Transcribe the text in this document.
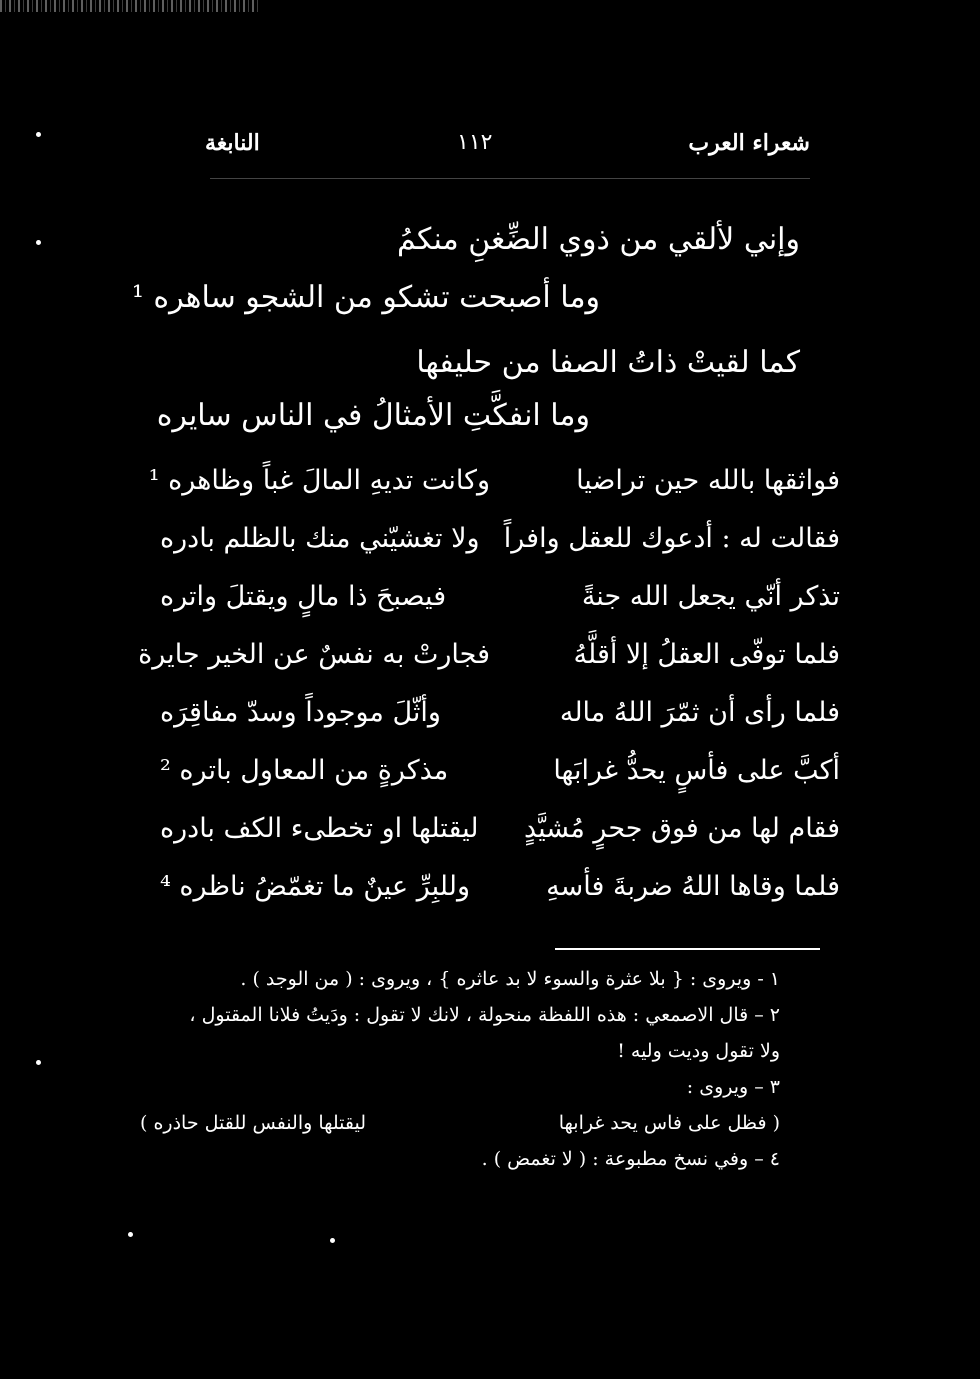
شعراء العرب
١١٢
النابغة
وإني لألقي من ذوي الضِّغنِ منكمُ
وما أصبحت تشكو من الشجو ساهره ¹
كما لقيتْ ذاتُ الصفا من حليفها
وما انفكَّتِ الأمثالُ في الناس سايره
فواثقها بالله حين تراضيا
وكانت تديهِ المالَ غباً وظاهره ¹
فقالت له : أدعوك للعقل وافراً
ولا تغشيّني منك بالظلم بادره
تذكر أنّي يجعل الله جنةً
فيصبحَ ذا مالٍ ويقتلَ واتره
فلما توفّى العقلُ إلا أقلَّهُ
فجارتْ به نفسٌ عن الخير جايرة
فلما رأى أن ثمّرَ اللهُ ماله
وأثّلَ موجوداً وسدّ مفاقِرَه
أكبَّ على فأسٍ يحدُّ غرابَها
مذكرةٍ من المعاول باتره ²
فقام لها من فوق جحرٍ مُشيَّدٍ
ليقتلها او تخطىء الكف بادره
فلما وقاها اللهُ ضربةَ فأسهِ
وللبِرِّ عينٌ ما تغمّضُ ناظره ⁴
١ - ويروى : { بلا عثرة والسوء لا بد عاثره } ، ويروى : ( من الوجد ) .
٢ – قال الاصمعي : هذه اللفظة منحولة ، لانك لا تقول : ودَيتُ فلانا المقتول ،
ولا تقول وديت وليه !
٣ – ويروى :
( فظل على فاس يحد غرابها
ليقتلها والنفس للقتل حاذره )
٤ – وفي نسخ مطبوعة : ( لا تغمض ) .
